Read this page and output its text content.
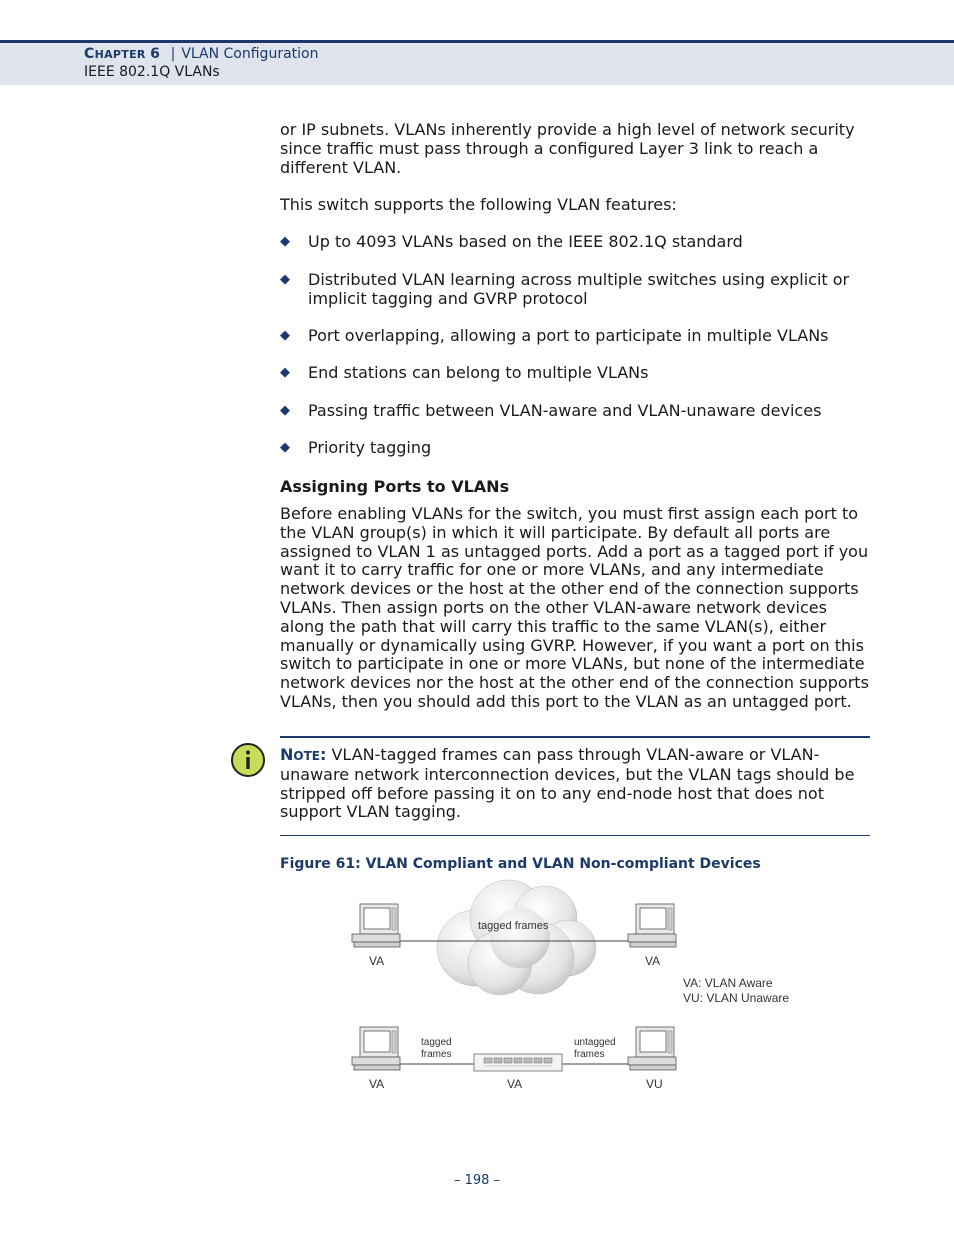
CHAPTER 6 | VLAN Configuration
IEEE 802.1Q VLANs
or IP subnets. VLANs inherently provide a high level of network security since traffic must pass through a configured Layer 3 link to reach a different VLAN.
This switch supports the following VLAN features:
◆ Up to 4093 VLANs based on the IEEE 802.1Q standard
◆ Distributed VLAN learning across multiple switches using explicit or implicit tagging and GVRP protocol
◆ Port overlapping, allowing a port to participate in multiple VLANs
◆ End stations can belong to multiple VLANs
◆ Passing traffic between VLAN-aware and VLAN-unaware devices
◆ Priority tagging
Assigning Ports to VLANs
Before enabling VLANs for the switch, you must first assign each port to the VLAN group(s) in which it will participate. By default all ports are assigned to VLAN 1 as untagged ports. Add a port as a tagged port if you want it to carry traffic for one or more VLANs, and any intermediate network devices or the host at the other end of the connection supports VLANs. Then assign ports on the other VLAN-aware network devices along the path that will carry this traffic to the same VLAN(s), either manually or dynamically using GVRP. However, if you want a port on this switch to participate in one or more VLANs, but none of the intermediate network devices nor the host at the other end of the connection supports VLANs, then you should add this port to the VLAN as an untagged port.
NOTE: VLAN-tagged frames can pass through VLAN-aware or VLAN-unaware network interconnection devices, but the VLAN tags should be stripped off before passing it on to any end-node host that does not support VLAN tagging.
Figure 61: VLAN Compliant and VLAN Non-compliant Devices
tagged frames
VA	VA
VA: VLAN Aware
VU: VLAN Unaware
tagged
frames
untagged
frames
VA	VA	VU
– 198 –
